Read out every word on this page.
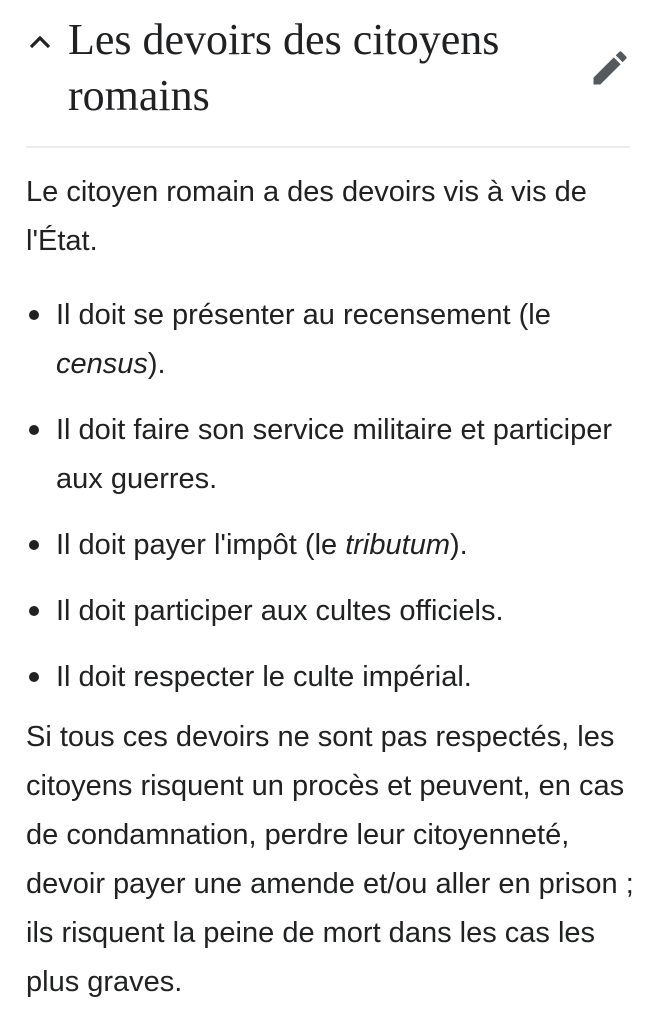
Les devoirs des citoyens romains

Le citoyen romain a des devoirs vis à vis de l'État.

Il doit se présenter au recensement (le census).
Il doit faire son service militaire et participer aux guerres.
Il doit payer l'impôt (le tributum).
Il doit participer aux cultes officiels.
Il doit respecter le culte impérial.

Si tous ces devoirs ne sont pas respectés, les citoyens risquent un procès et peuvent, en cas de condamnation, perdre leur citoyenneté, devoir payer une amende et/ou aller en prison ; ils risquent la peine de mort dans les cas les plus graves.
